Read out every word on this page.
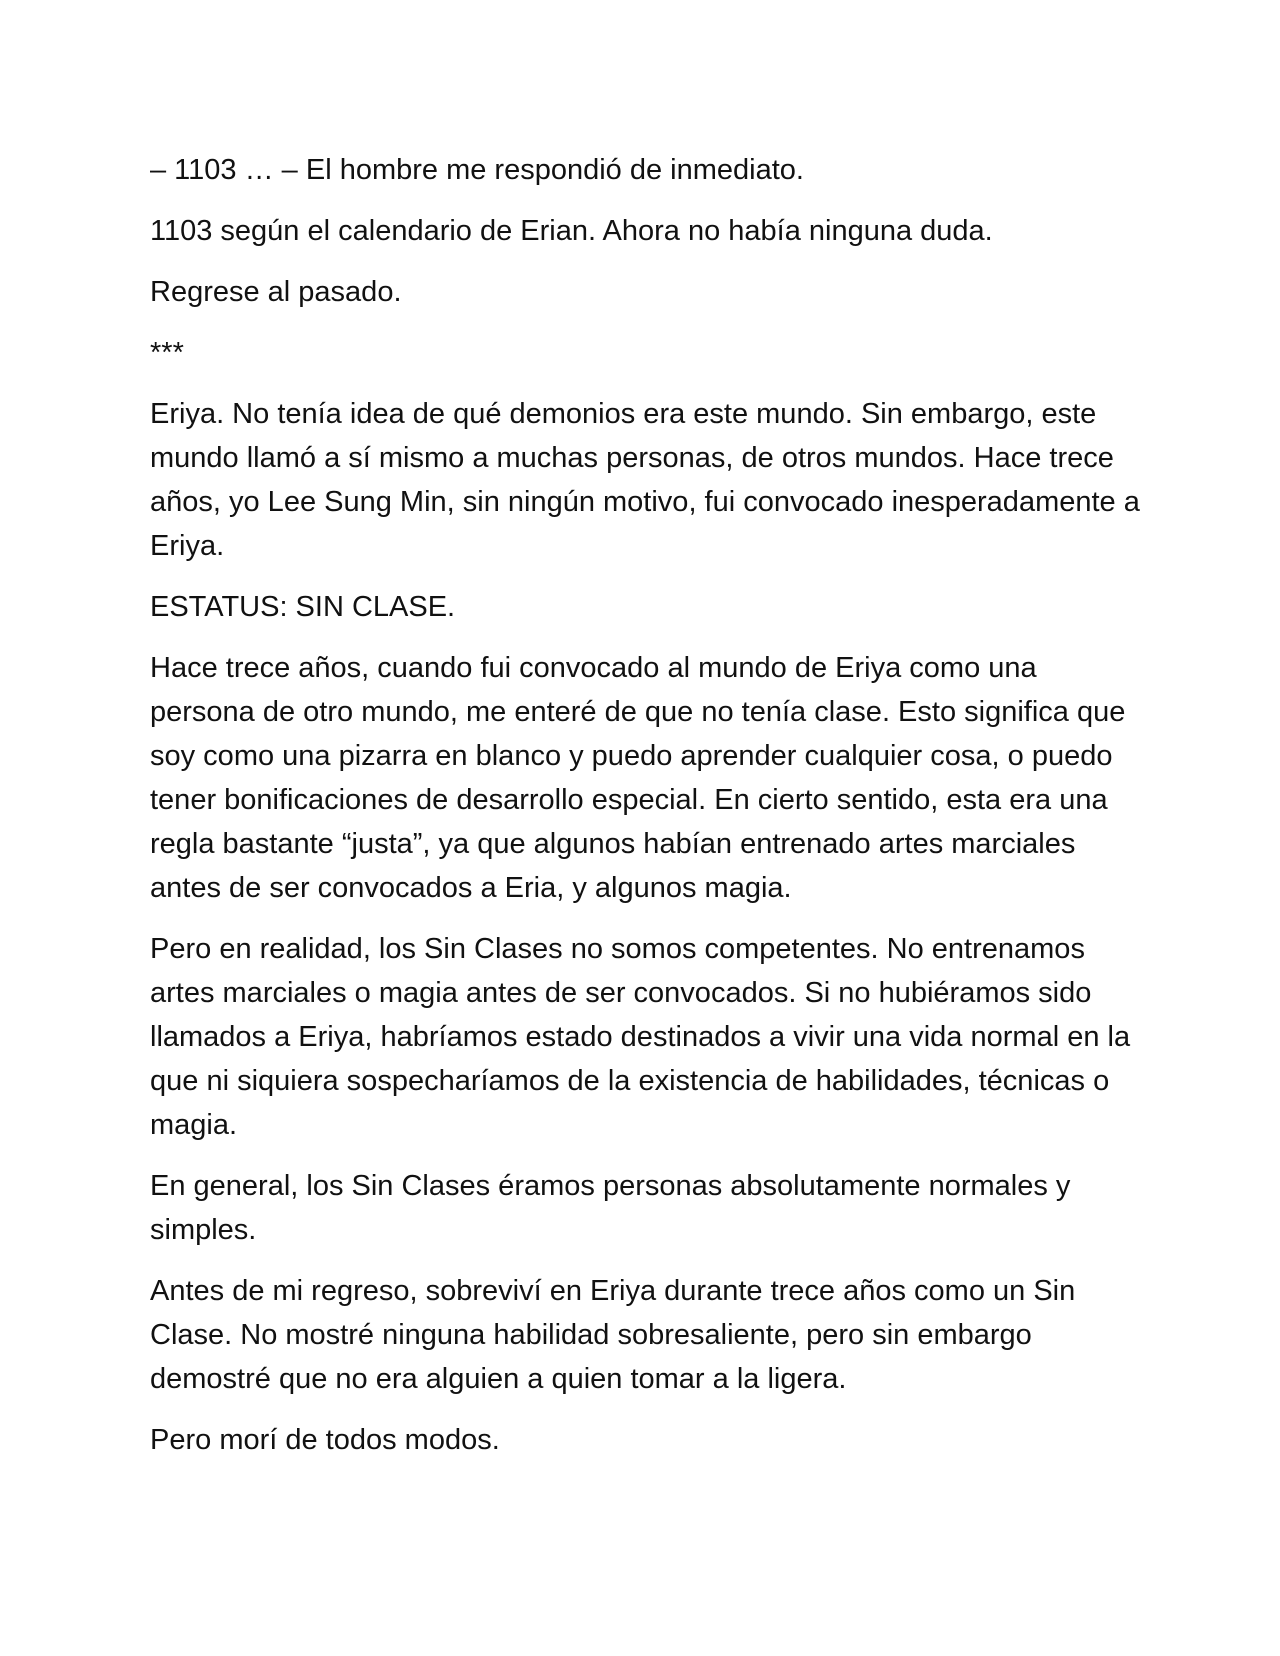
– 1103 … – El hombre me respondió de inmediato.

1103 según el calendario de Erian. Ahora no había ninguna duda.

Regrese al pasado.

***

Eriya. No tenía idea de qué demonios era este mundo. Sin embargo, este mundo llamó a sí mismo a muchas personas, de otros mundos. Hace trece años, yo Lee Sung Min, sin ningún motivo, fui convocado inesperadamente a Eriya.

ESTATUS: SIN CLASE.

Hace trece años, cuando fui convocado al mundo de Eriya como una persona de otro mundo, me enteré de que no tenía clase. Esto significa que soy como una pizarra en blanco y puedo aprender cualquier cosa, o puedo tener bonificaciones de desarrollo especial. En cierto sentido, esta era una regla bastante “justa”, ya que algunos habían entrenado artes marciales antes de ser convocados a Eria, y algunos magia.

Pero en realidad, los Sin Clases no somos competentes. No entrenamos artes marciales o magia antes de ser convocados. Si no hubiéramos sido llamados a Eriya, habríamos estado destinados a vivir una vida normal en la que ni siquiera sospecharíamos de la existencia de habilidades, técnicas o magia.

En general, los Sin Clases éramos personas absolutamente normales y simples.

Antes de mi regreso, sobreviví en Eriya durante trece años como un Sin Clase. No mostré ninguna habilidad sobresaliente, pero sin embargo demostré que no era alguien a quien tomar a la ligera.

Pero morí de todos modos.
